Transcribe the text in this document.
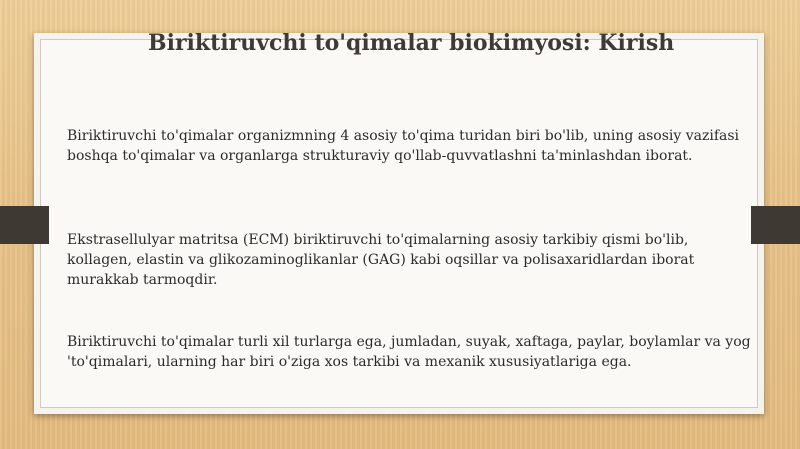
Biriktiruvchi to'qimalar biokimyosi: Kirish

Biriktiruvchi to'qimalar organizmning 4 asosiy to'qima turidan biri bo'lib, uning asosiy vazifasi boshqa to'qimalar va organlarga strukturaviy qo'llab-quvvatlashni ta'minlashdan iborat.

Ekstrasellulyar matritsa (ECM) biriktiruvchi to'qimalarning asosiy tarkibiy qismi bo'lib, kollagen, elastin va glikozaminoglikanlar (GAG) kabi oqsillar va polisaxaridlardan iborat murakkab tarmoqdir.

Biriktiruvchi to'qimalar turli xil turlarga ega, jumladan, suyak, xaftaga, paylar, boylamlar va yog 'to'qimalari, ularning har biri o'ziga xos tarkibi va mexanik xususiyatlariga ega.
